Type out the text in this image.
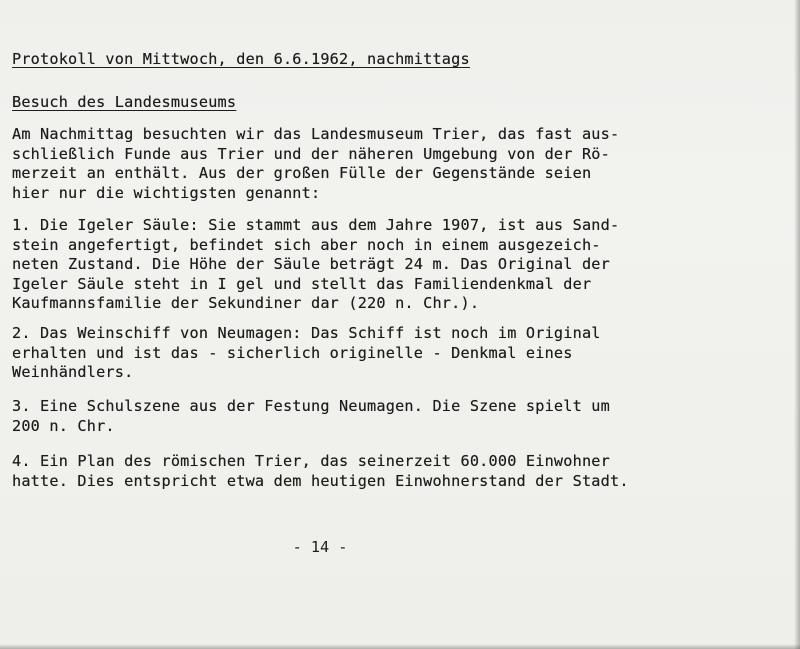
Protokoll von Mittwoch, den 6.6.1962, nachmittags
Besuch des Landesmuseums
Am Nachmittag besuchten wir das Landesmuseum Trier, das fast aus-
schließlich Funde aus Trier und der näheren Umgebung von der Rö-
merzeit an enthält. Aus der großen Fülle der Gegenstände seien
hier nur die wichtigsten genannt:
1. Die Igeler Säule: Sie stammt aus dem Jahre 1907, ist aus Sand-
stein angefertigt, befindet sich aber noch in einem ausgezeich-
neten Zustand. Die Höhe der Säule beträgt 24 m. Das Original der
Igeler Säule steht in I gel und stellt das Familiendenkmal der
Kaufmannsfamilie der Sekundiner dar (220 n. Chr.).
2. Das Weinschiff von Neumagen: Das Schiff ist noch im Original
erhalten und ist das - sicherlich originelle - Denkmal eines
Weinhändlers.
3. Eine Schulszene aus der Festung Neumagen. Die Szene spielt um
200 n. Chr.
4. Ein Plan des römischen Trier, das seinerzeit 60.000 Einwohner
hatte. Dies entspricht etwa dem heutigen Einwohnerstand der Stadt.
- 14 -
